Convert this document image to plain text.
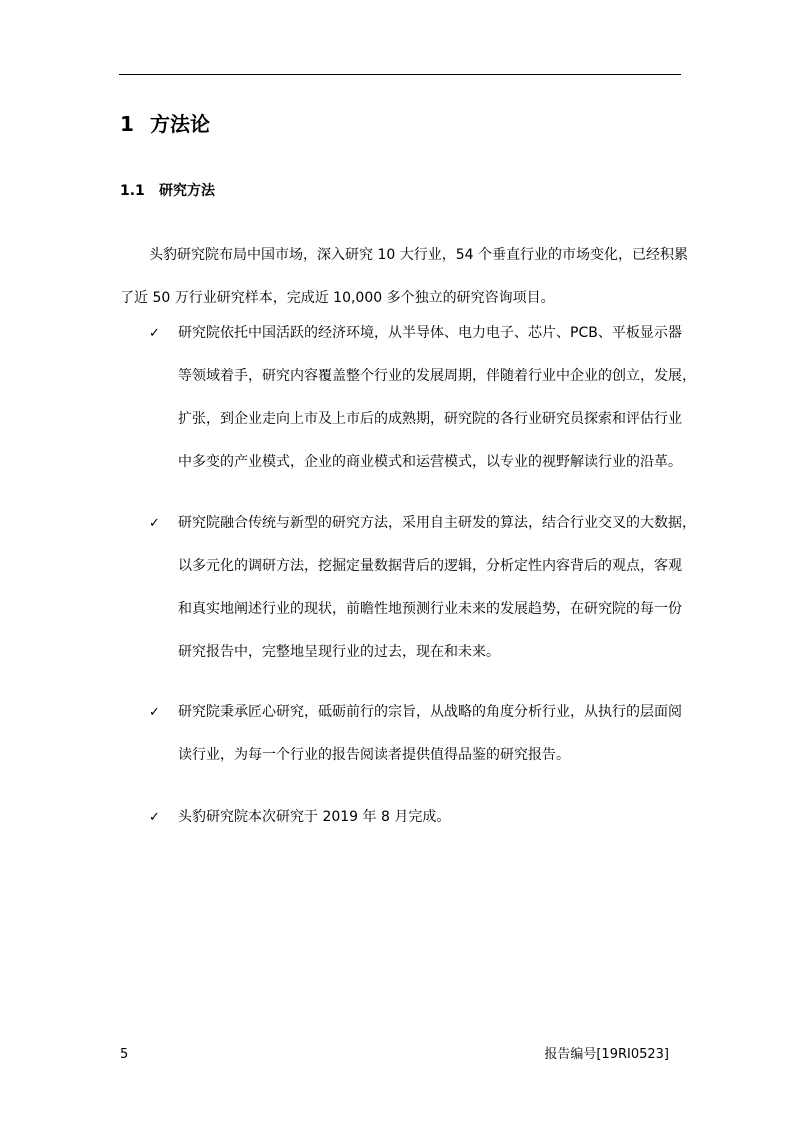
1 方法论
1.1 研究方法
头豹研究院布局中国市场，深入研究 10 大行业，54 个垂直行业的市场变化，已经积累
了近 50 万行业研究样本，完成近 10,000 多个独立的研究咨询项目。
✓	研究院依托中国活跃的经济环境，从半导体、电力电子、芯片、PCB、平板显示器
等领域着手，研究内容覆盖整个行业的发展周期，伴随着行业中企业的创立，发展，
扩张，到企业走向上市及上市后的成熟期，研究院的各行业研究员探索和评估行业
中多变的产业模式，企业的商业模式和运营模式，以专业的视野解读行业的沿革。
✓	研究院融合传统与新型的研究方法，采用自主研发的算法，结合行业交叉的大数据，
以多元化的调研方法，挖掘定量数据背后的逻辑，分析定性内容背后的观点，客观
和真实地阐述行业的现状，前瞻性地预测行业未来的发展趋势，在研究院的每一份
研究报告中，完整地呈现行业的过去，现在和未来。
✓	研究院秉承匠心研究，砥砺前行的宗旨，从战略的角度分析行业，从执行的层面阅
读行业，为每一个行业的报告阅读者提供值得品鉴的研究报告。
✓	头豹研究院本次研究于 2019 年 8 月完成。
5	报告编号[19RI0523]
